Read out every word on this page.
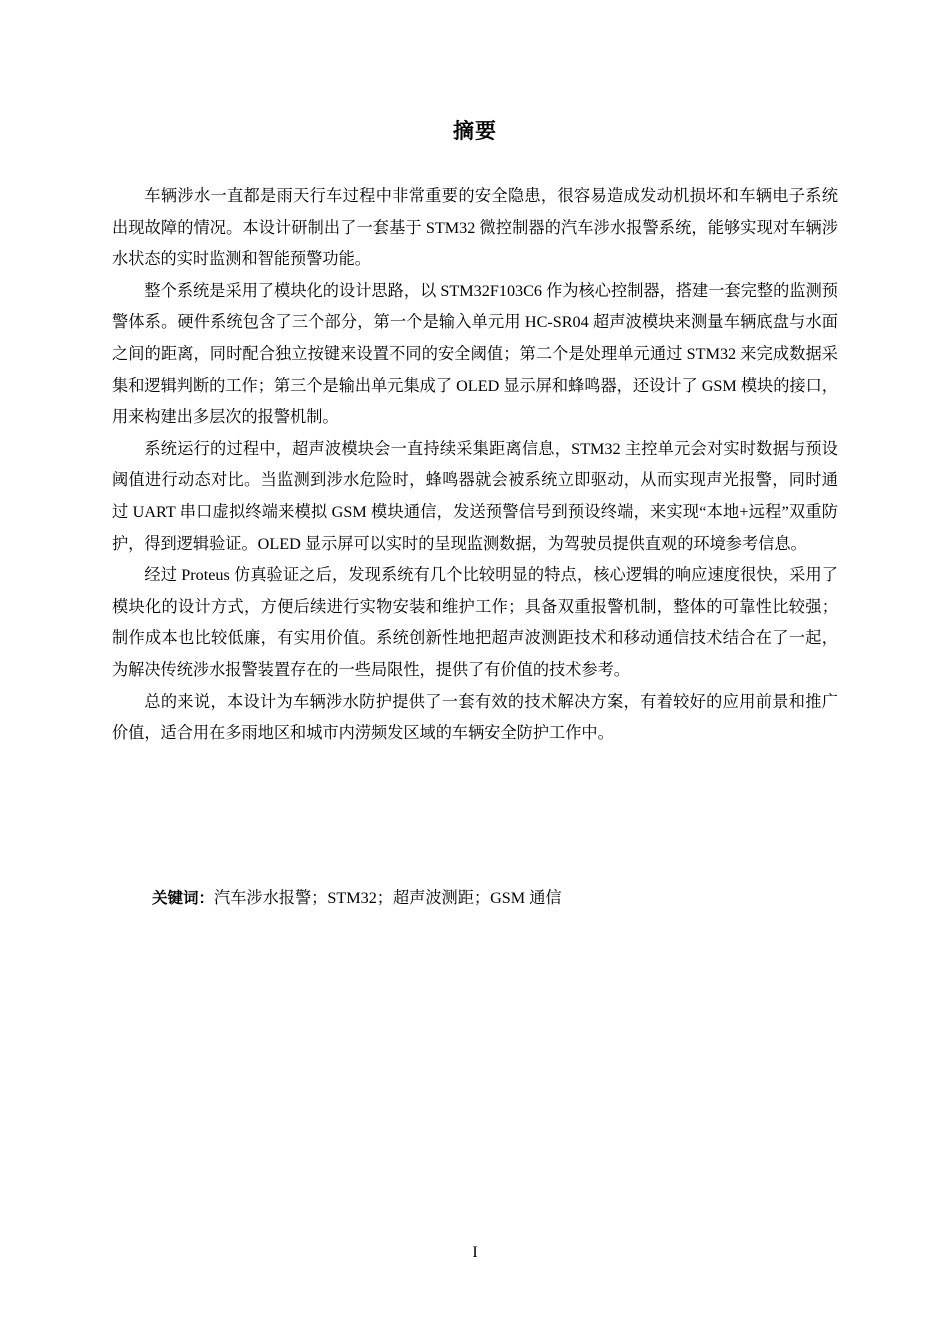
摘要

车辆涉水一直都是雨天行车过程中非常重要的安全隐患，很容易造成发动机损坏和车辆电子系统出现故障的情况。本设计研制出了一套基于 STM32 微控制器的汽车涉水报警系统，能够实现对车辆涉水状态的实时监测和智能预警功能。

整个系统是采用了模块化的设计思路，以 STM32F103C6 作为核心控制器，搭建一套完整的监测预警体系。硬件系统包含了三个部分，第一个是输入单元用 HC-SR04 超声波模块来测量车辆底盘与水面之间的距离，同时配合独立按键来设置不同的安全阈值；第二个是处理单元通过 STM32 来完成数据采集和逻辑判断的工作；第三个是输出单元集成了 OLED 显示屏和蜂鸣器，还设计了 GSM 模块的接口，用来构建出多层次的报警机制。

系统运行的过程中，超声波模块会一直持续采集距离信息，STM32 主控单元会对实时数据与预设阈值进行动态对比。当监测到涉水危险时，蜂鸣器就会被系统立即驱动，从而实现声光报警，同时通过 UART 串口虚拟终端来模拟 GSM 模块通信，发送预警信号到预设终端，来实现“本地+远程”双重防护，得到逻辑验证。OLED 显示屏可以实时的呈现监测数据，为驾驶员提供直观的环境参考信息。

经过 Proteus 仿真验证之后，发现系统有几个比较明显的特点，核心逻辑的响应速度很快，采用了模块化的设计方式，方便后续进行实物安装和维护工作；具备双重报警机制，整体的可靠性比较强；制作成本也比较低廉，有实用价值。系统创新性地把超声波测距技术和移动通信技术结合在了一起，为解决传统涉水报警装置存在的一些局限性，提供了有价值的技术参考。

总的来说，本设计为车辆涉水防护提供了一套有效的技术解决方案，有着较好的应用前景和推广价值，适合用在多雨地区和城市内涝频发区域的车辆安全防护工作中。

关键词：汽车涉水报警；STM32；超声波测距；GSM 通信
I
